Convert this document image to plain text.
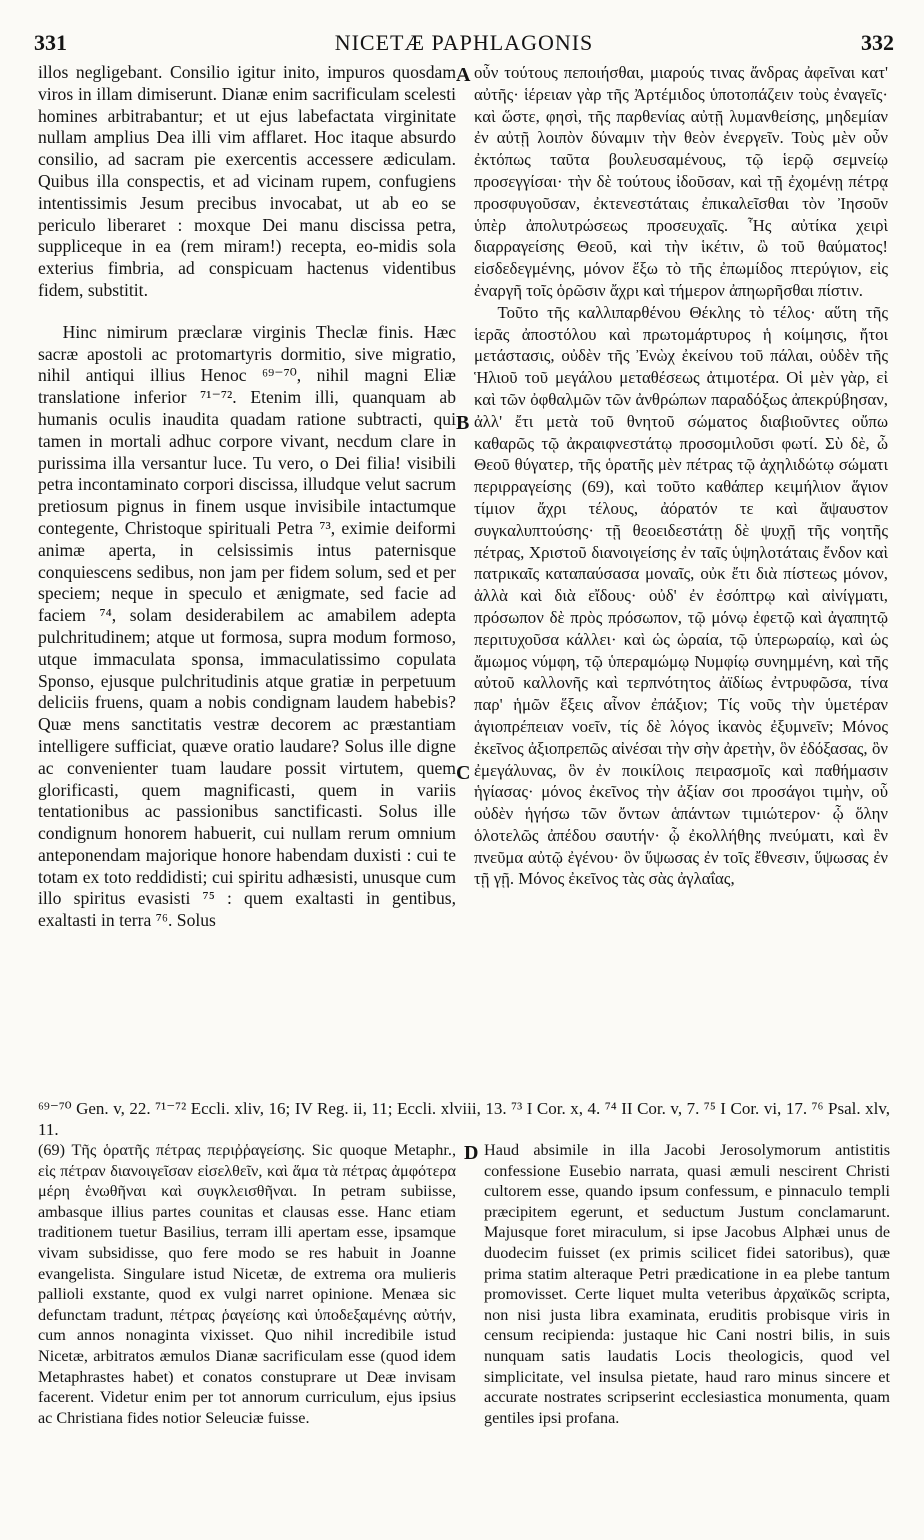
331	NICETÆ PAPHLAGONIS	332

illos negligebant. Consilio igitur inito, impuros quosdam viros in illam dimiserunt. Dianæ enim sacrificulam scelesti homines arbitrabantur; et ut ejus labefactata virginitate nullam amplius Dea illi vim afflaret. Hoc itaque absurdo consilio, ad sacram pie exercentis accessere ædiculam. Quibus illa conspectis, et ad vicinam rupem, confugiens intentissimis Jesum precibus invocabat, ut ab eo se periculo liberaret : moxque Dei manu discissa petra, suppliceque in ea (rem miram!) recepta, eo-midis sola exterius fimbria, ad conspicuam hactenus videntibus fidem, substitit.

Hinc nimirum præclaræ virginis Theclæ finis. Hæc sacræ apostoli ac protomartyris dormitio, sive migratio, nihil antiqui illius Henoc ⁶⁹⁻⁷⁰, nihil magni Eliæ translatione inferior ⁷¹⁻⁷². Etenim illi, quanquam ab humanis oculis inaudita quadam ratione subtracti, qui tamen in mortali adhuc corpore vivant, necdum clare in purissima illa versantur luce. Tu vero, o Dei filia! visibili petra incontaminato corpori discissa, illudque velut sacrum pretiosum pignus in finem usque invisibile intactumque contegente, Christoque spirituali Petra ⁷³, eximie deiformi animæ aperta, in celsissimis intus paternisque conquiescens sedibus, non jam per fidem solum, sed et per speciem; neque in speculo et ænigmate, sed facie ad faciem ⁷⁴, solam desiderabilem ac amabilem adepta pulchritudinem; atque ut formosa, supra modum formoso, utque immaculata sponsa, immaculatissimo copulata Sponso, ejusque pulchritudinis atque gratiæ in perpetuum deliciis fruens, quam a nobis condignam laudem habebis? Quæ mens sanctitatis vestræ decorem ac præstantiam intelligere sufficiat, quæve oratio laudare? Solus ille digne ac convenienter tuam laudare possit virtutem, quem glorificasti, quem magnificasti, quem in variis tentationibus ac passionibus sanctificasti. Solus ille condignum honorem habuerit, cui nullam rerum omnium anteponendam majorique honore habendam duxisti : cui te totam ex toto reddidisti; cui spiritu adhæsisti, unusque cum illo spiritus evasisti ⁷⁵ : quem exaltasti in gentibus, exaltasti in terra ⁷⁶. Solus

οὖν τούτους πεποιήσθαι, μιαρούς τινας ἄνδρας ἀφεῖναι κατ' αὐτῆς· ἱέρειαν γὰρ τῆς Ἀρτέμιδος ὑποτοπάζειν τοὺς ἐναγεῖς· καὶ ὥστε, φησὶ, τῆς παρθενίας αὐτῇ λυμανθείσης, μηδεμίαν ἐν αὐτῇ λοιπὸν δύναμιν τὴν θεὸν ἐνεργεῖν. Τοὺς μὲν οὖν ἐκτόπως ταῦτα βουλευσαμένους, τῷ ἱερῷ σεμνείῳ προσεγγίσαι· τὴν δὲ τούτους ἰδοῦσαν, καὶ τῇ ἐχομένῃ πέτρᾳ προσφυγοῦσαν, ἐκτενεστάταις ἐπικαλεῖσθαι τὸν Ἰησοῦν ὑπὲρ ἀπολυτρώσεως προσευχαῖς. Ἧς αὐτίκα χειρὶ διαρραγείσης Θεοῦ, καὶ τὴν ἱκέτιν, ὢ τοῦ θαύματος! εἰσδεδεγμένης, μόνον ἔξω τὸ τῆς ἐπωμίδος πτερύγιον, εἰς ἐναργῆ τοῖς ὁρῶσιν ἄχρι καὶ τήμερον ἀπηωρῆσθαι πίστιν.

Τοῦτο τῆς καλλιπαρθένου Θέκλης τὸ τέλος· αὕτη τῆς ἱερᾶς ἀποστόλου καὶ πρωτομάρτυρος ἡ κοίμησις, ἤτοι μετάστασις, οὐδὲν τῆς Ἐνὼχ ἐκείνου τοῦ πάλαι, οὐδὲν τῆς Ἡλιοῦ τοῦ μεγάλου μεταθέσεως ἀτιμοτέρα. Οἱ μὲν γὰρ, εἰ καὶ τῶν ὀφθαλμῶν τῶν ἀνθρώπων παραδόξως ἀπεκρύβησαν, ἀλλ' ἔτι μετὰ τοῦ θνητοῦ σώματος διαβιοῦντες οὔπω καθαρῶς τῷ ἀκραιφνεστάτῳ προσομιλοῦσι φωτί. Σὺ δὲ, ὦ Θεοῦ θύγατερ, τῆς ὁρατῆς μὲν πέτρας τῷ ἀχηλιδώτῳ σώματι περιρραγείσης (69), καὶ τοῦτο καθάπερ κειμήλιον ἅγιον τίμιον ἄχρι τέλους, ἀόρατόν τε καὶ ἄψαυστον συγκαλυπτούσης· τῇ θεοειδεστάτῃ δὲ ψυχῇ τῆς νοητῆς πέτρας, Χριστοῦ διανοιγείσης ἐν ταῖς ὑψηλοτάταις ἔνδον καὶ πατρικαῖς καταπαύσασα μοναῖς, οὐκ ἔτι διὰ πίστεως μόνον, ἀλλὰ καὶ διὰ εἴδους· οὐδ' ἐν ἐσόπτρῳ καὶ αἰνίγματι, πρόσωπον δὲ πρὸς πρόσωπον, τῷ μόνῳ ἐφετῷ καὶ ἀγαπητῷ περιτυχοῦσα κάλλει· καὶ ὡς ὡραία, τῷ ὑπερωραίῳ, καὶ ὡς ἄμωμος νύμφη, τῷ ὑπεραμώμῳ Νυμφίῳ συνημμένη, καὶ τῆς αὐτοῦ καλλονῆς καὶ τερπνότητος ἀϊδίως ἐντρυφῶσα, τίνα παρ' ἡμῶν ἕξεις αἶνον ἐπάξιον; Τίς νοῦς τὴν ὑμετέραν ἁγιοπρέπειαν νοεῖν, τίς δὲ λόγος ἱκανὸς ἐξυμνεῖν; Μόνος ἐκεῖνος ἀξιοπρεπῶς αἰνέσαι τὴν σὴν ἀρετὴν, ὃν ἐδόξασας, ὃν ἐμεγάλυνας, ὃν ἐν ποικίλοις πειρασμοῖς καὶ παθήμασιν ἡγίασας· μόνος ἐκεῖνος τὴν ἀξίαν σοι προσάγοι τιμὴν, οὗ οὐδὲν ἡγήσω τῶν ὄντων ἁπάντων τιμιώτερον· ᾧ ὅλην ὁλοτελῶς ἀπέδου σαυτήν· ᾧ ἐκολλήθης πνεύματι, καὶ ἓν πνεῦμα αὐτῷ ἐγένου· ὃν ὕψωσας ἐν τοῖς ἔθνεσιν, ὕψωσας ἐν τῇ γῇ. Μόνος ἐκεῖνος τὰς σὰς ἀγλαΐας,

A
B
C
D
⁶⁹⁻⁷⁰ Gen. v, 22. ⁷¹⁻⁷² Eccli. xliv, 16; IV Reg. ii, 11; Eccli. xlviii, 13. ⁷³ I Cor. x, 4. ⁷⁴ II Cor. v, 7. ⁷⁵ I Cor. vi, 17. ⁷⁶ Psal. xlv, 11.

(69) Τῆς ὁρατῆς πέτρας περιῤῥαγείσης. Sic quoque Metaphr., εἰς πέτραν διανοιγεῖσαν εἰσελθεῖν, καὶ ἅμα τὰ πέτρας ἀμφότερα μέρη ἑνωθῆναι καὶ συγκλεισθῆναι. In petram subiisse, ambasque illius partes counitas et clausas esse. Hanc etiam traditionem tuetur Basilius, terram illi apertam esse, ipsamque vivam subsidisse, quo fere modo se res habuit in Joanne evangelista. Singulare istud Nicetæ, de extrema ora mulieris pallioli exstante, quod ex vulgi narret opinione. Menæa sic defunctam tradunt, πέτρας ῥαγείσης καὶ ὑποδεξαμένης αὐτήν, cum annos nonaginta vixisset. Quo nihil incredibile istud Nicetæ, arbitratos æmulos Dianæ sacrificulam esse (quod idem Metaphrastes habet) et conatos constuprare ut Deæ invisam facerent. Videtur enim per tot annorum curriculum, ejus ipsius ac Christiana fides notior Seleuciæ fuisse.

Haud absimile in illa Jacobi Jerosolymorum antistitis confessione Eusebio narrata, quasi æmuli nescirent Christi cultorem esse, quando ipsum confessum, e pinnaculo templi præcipitem egerunt, et seductum Justum conclamarunt. Majusque foret miraculum, si ipse Jacobus Alphæi unus de duodecim fuisset (ex primis scilicet fidei satoribus), quæ prima statim alteraque Petri prædicatione in ea plebe tantum promovisset. Certe liquet multa veteribus ἀρχαϊκῶς scripta, non nisi justa libra examinata, eruditis probisque viris in censum recipienda: justaque hic Cani nostri bilis, in suis nunquam satis laudatis Locis theologicis, quod vel simplicitate, vel insulsa pietate, haud raro minus sincere et accurate nostrates scripserint ecclesiastica monumenta, quam gentiles ipsi profana.
